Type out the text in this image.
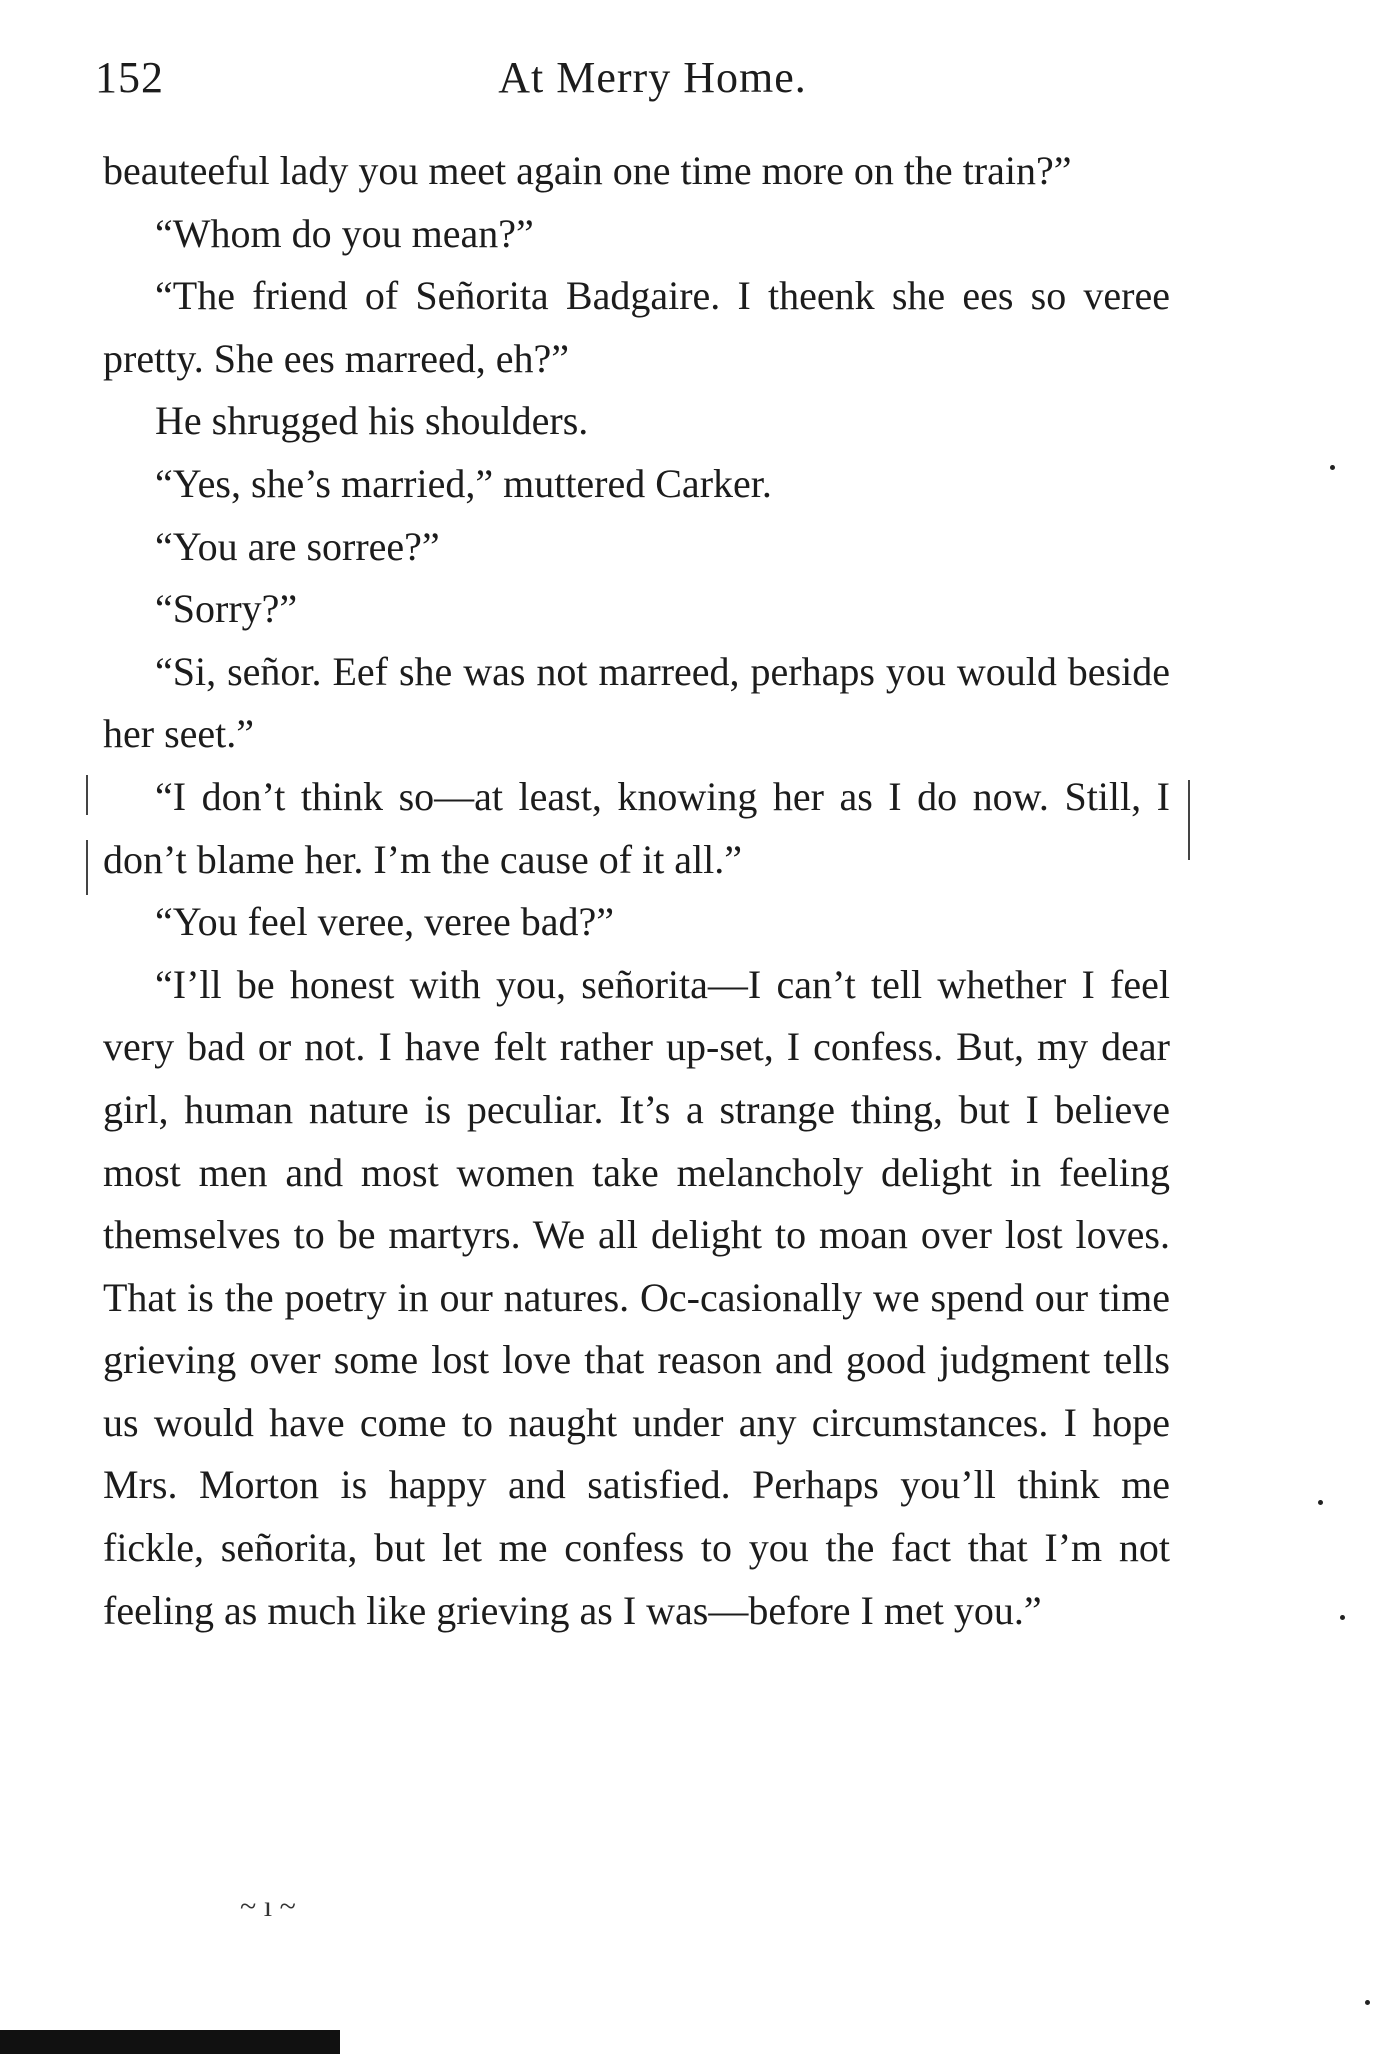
152	At Merry Home.

beauteeful lady you meet again one time more on the train?”

“Whom do you mean?”

“The friend of Señorita Badgaire. I theenk she ees so veree pretty. She ees marreed, eh?”

He shrugged his shoulders.

“Yes, she’s married,” muttered Carker.

“You are sorree?”

“Sorry?”

“Si, señor. Eef she was not marreed, perhaps you would beside her seet.”

“I don’t think so—at least, knowing her as I do now. Still, I don’t blame her. I’m the cause of it all.”

“You feel veree, veree bad?”

“I’ll be honest with you, señorita—I can’t tell whether I feel very bad or not. I have felt rather up-set, I confess. But, my dear girl, human nature is peculiar. It’s a strange thing, but I believe most men and most women take melancholy delight in feeling themselves to be martyrs. We all delight to moan over lost loves. That is the poetry in our natures. Oc-casionally we spend our time grieving over some lost love that reason and good judgment tells us would have come to naught under any circumstances. I hope Mrs. Morton is happy and satisfied. Perhaps you’ll think me fickle, señorita, but let me confess to you the fact that I’m not feeling as much like grieving as I was—before I met you.”

~ ı ~
